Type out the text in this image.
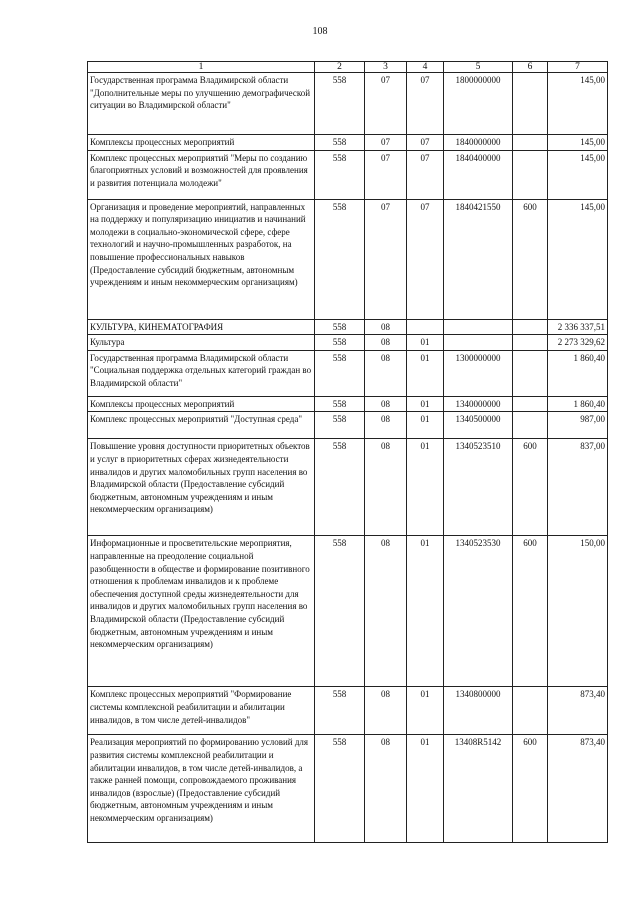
108
1	2	3	4	5	6	7
Государственная программа Владимирской области "Дополнительные меры по улучшению демографической ситуации во Владимирской области"	558	07	07	1800000000		145,00
Комплексы процессных мероприятий	558	07	07	1840000000		145,00
Комплекс процессных мероприятий "Меры по созданию благоприятных условий и возможностей для проявления и развития потенциала молодежи"	558	07	07	1840400000		145,00
Организация и проведение мероприятий, направленных на поддержку и популяризацию инициатив и начинаний молодежи в социально-экономической сфере, сфере технологий и научно-промышленных разработок, на повышение профессиональных навыков (Предоставление субсидий бюджетным, автономным учреждениям и иным некоммерческим организациям)	558	07	07	1840421550	600	145,00
КУЛЬТУРА, КИНЕМАТОГРАФИЯ	558	08				2 336 337,51
Культура	558	08	01			2 273 329,62
Государственная программа Владимирской области "Социальная поддержка отдельных категорий граждан во Владимирской области"	558	08	01	1300000000		1 860,40
Комплексы процессных мероприятий	558	08	01	1340000000		1 860,40
Комплекс процессных мероприятий "Доступная среда"	558	08	01	1340500000		987,00
Повышение уровня доступности приоритетных объектов и услуг в приоритетных сферах жизнедеятельности инвалидов и других маломобильных групп населения во Владимирской области (Предоставление субсидий бюджетным, автономным учреждениям и иным некоммерческим организациям)	558	08	01	1340523510	600	837,00
Информационные и просветительские мероприятия, направленные на преодоление социальной разобщенности в обществе и формирование позитивного отношения к проблемам инвалидов и к проблеме обеспечения доступной среды жизнедеятельности для инвалидов и других маломобильных групп населения во Владимирской области (Предоставление субсидий бюджетным, автономным учреждениям и иным некоммерческим организациям)	558	08	01	1340523530	600	150,00
Комплекс процессных мероприятий "Формирование системы комплексной реабилитации и абилитации инвалидов, в том числе детей-инвалидов"	558	08	01	1340800000		873,40
Реализация мероприятий по формированию условий для развития системы комплексной реабилитации и абилитации инвалидов, в том числе детей-инвалидов, а также ранней помощи, сопровождаемого проживания инвалидов (взрослые) (Предоставление субсидий бюджетным, автономным учреждениям и иным некоммерческим организациям)	558	08	01	13408R5142	600	873,40
